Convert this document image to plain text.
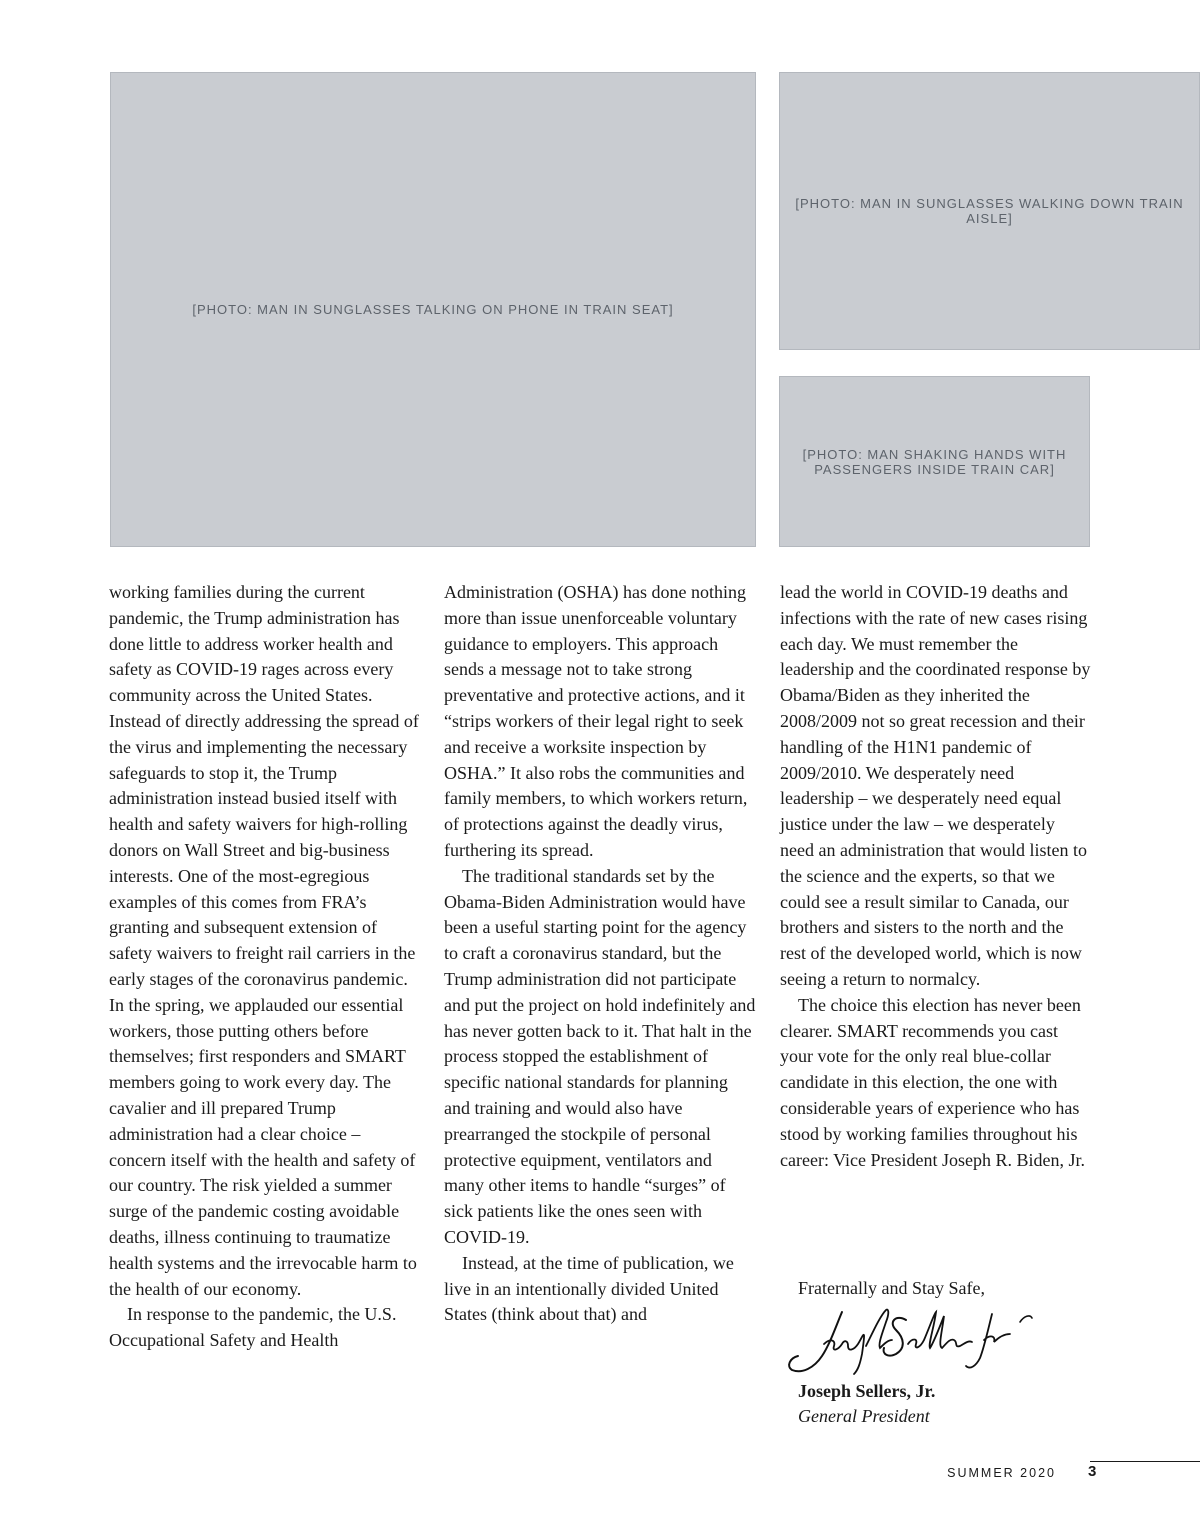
[PHOTO: MAN IN SUNGLASSES TALKING ON PHONE IN TRAIN SEAT]
[PHOTO: MAN IN SUNGLASSES WALKING DOWN TRAIN AISLE]
[PHOTO: MAN SHAKING HANDS WITH PASSENGERS INSIDE TRAIN CAR]

working families during the current pandemic, the Trump administration has done little to address worker health and safety as COVID-19 rages across every community across the United States. Instead of directly addressing the spread of the virus and implementing the necessary safeguards to stop it, the Trump administration instead busied itself with health and safety waivers for high-rolling donors on Wall Street and big-business interests. One of the most-egregious examples of this comes from FRA’s granting and subsequent extension of safety waivers to freight rail carriers in the early stages of the coronavirus pandemic. In the spring, we applauded our essential workers, those putting others before themselves; first responders and SMART members going to work every day. The cavalier and ill prepared Trump administration had a clear choice – concern itself with the health and safety of our country. The risk yielded a summer surge of the pandemic costing avoidable deaths, illness continuing to traumatize health systems and the irrevocable harm to the health of our economy.

In response to the pandemic, the U.S. Occupational Safety and Health

Administration (OSHA) has done nothing more than issue unenforceable voluntary guidance to employers. This approach sends a message not to take strong preventative and protective actions, and it “strips workers of their legal right to seek and receive a worksite inspection by OSHA.” It also robs the communities and family members, to which workers return, of protections against the deadly virus, furthering its spread.

The traditional standards set by the Obama-Biden Administration would have been a useful starting point for the agency to craft a coronavirus standard, but the Trump administration did not participate and put the project on hold indefinitely and has never gotten back to it. That halt in the process stopped the establishment of specific national standards for planning and training and would also have prearranged the stockpile of personal protective equipment, ventilators and many other items to handle “surges” of sick patients like the ones seen with COVID-19.

Instead, at the time of publication, we live in an intentionally divided United States (think about that) and

lead the world in COVID-19 deaths and infections with the rate of new cases rising each day. We must remember the leadership and the coordinated response by Obama/Biden as they inherited the 2008/2009 not so great recession and their handling of the H1N1 pandemic of 2009/2010. We desperately need leadership – we desperately need equal justice under the law – we desperately need an administration that would listen to the science and the experts, so that we could see a result similar to Canada, our brothers and sisters to the north and the rest of the developed world, which is now seeing a return to normalcy.

The choice this election has never been clearer. SMART recommends you cast your vote for the only real blue-collar candidate in this election, the one with considerable years of experience who has stood by working families throughout his career: Vice President Joseph R. Biden, Jr.

Fraternally and Stay Safe,
Joseph Sellers, Jr.
General President
SUMMER 2020 3
